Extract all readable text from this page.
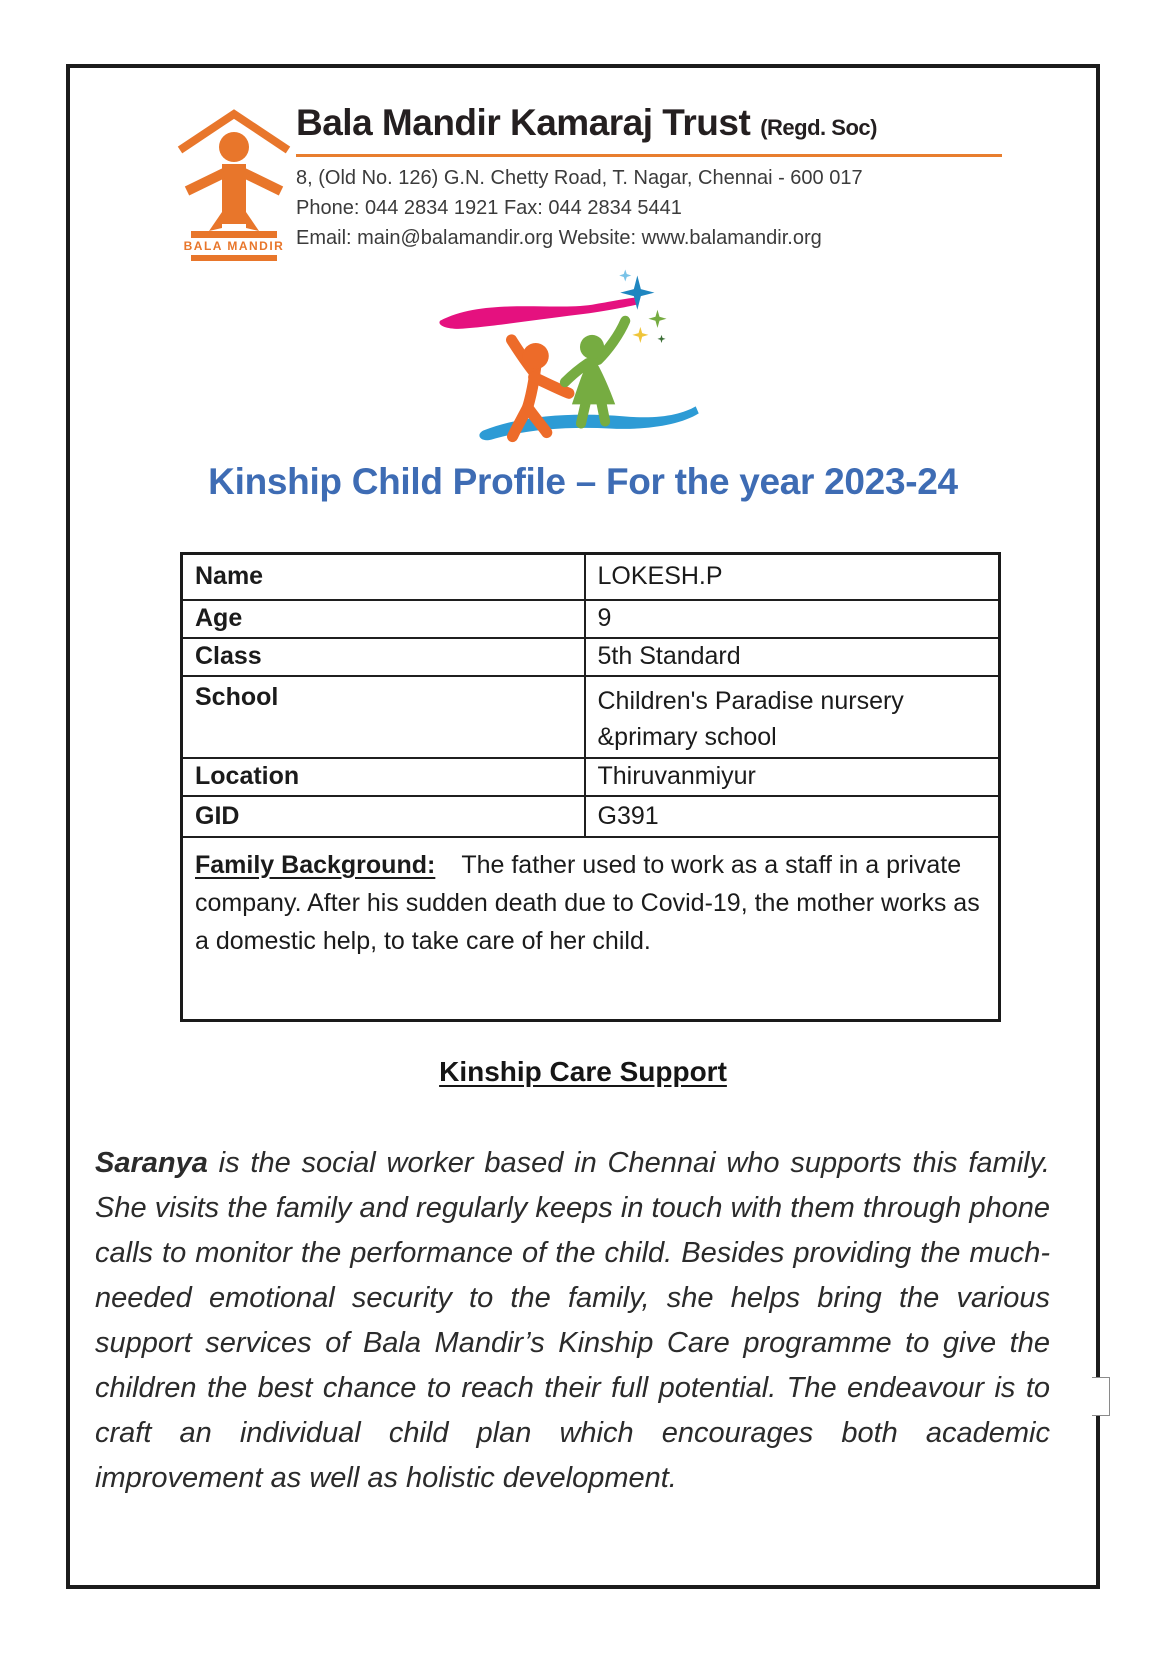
BALA MANDIR
Bala Mandir Kamaraj Trust (Regd. Soc)
8, (Old No. 126) G.N. Chetty Road, T. Nagar, Chennai - 600 017
Phone: 044 2834 1921 Fax: 044 2834 5441
Email: main@balamandir.org Website: www.balamandir.org
Kinship Child Profile – For the year 2023-24
Name	LOKESH.P
Age	9
Class	5th Standard
School	Children's Paradise nursery &primary school
Location	Thiruvanmiyur
GID	G391
Family Background: The father used to work as a staff in a private company. After his sudden death due to Covid-19, the mother works as a domestic help, to take care of her child.	
Kinship Care Support

Saranya is the social worker based in Chennai who supports this family. She visits the family and regularly keeps in touch with them through phone calls to monitor the performance of the child. Besides providing the much-needed emotional security to the family, she helps bring the various support services of Bala Mandir’s Kinship Care programme to give the children the best chance to reach their full potential. The endeavour is to craft an individual child plan which encourages both academic improvement as well as holistic development.
